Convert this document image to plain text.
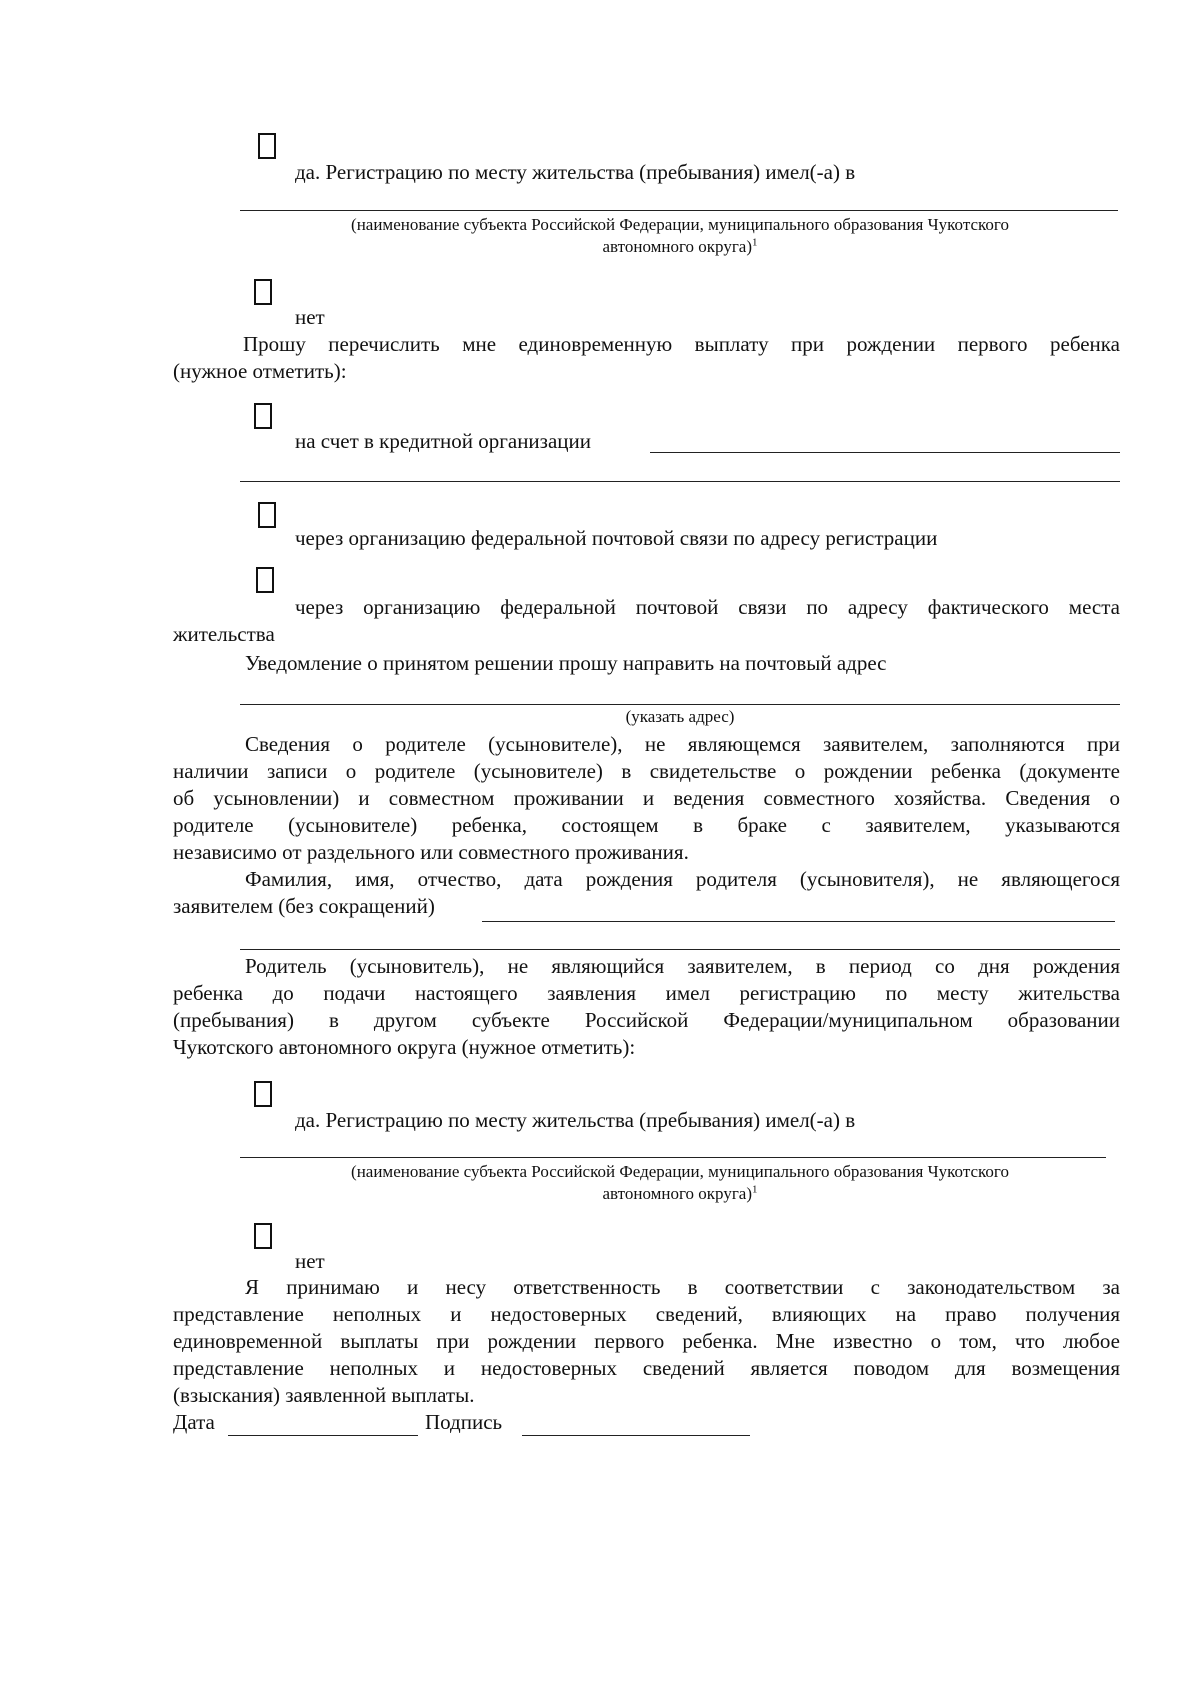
да. Регистрацию по месту жительства (пребывания) имел(-а) в
(наименование субъекта Российской Федерации, муниципального образования Чукотского
автономного округа)$^1$
нет
Прошу перечислить мне единовременную выплату при рождении первого ребенка
(нужное отметить):
на счет в кредитной организации
через организацию федеральной почтовой связи по адресу регистрации
через организацию федеральной почтовой связи по адресу фактического места
жительства
Уведомление о принятом решении прошу направить на почтовый адрес
(указать адрес)
Сведения о родителе (усыновителе), не являющемся заявителем, заполняются при
наличии записи о родителе (усыновителе) в свидетельстве о рождении ребенка (документе
об усыновлении) и совместном проживании и ведения совместного хозяйства. Сведения о
родителе (усыновителе) ребенка, состоящем в браке с заявителем, указываются
независимо от раздельного или совместного проживания.
Фамилия, имя, отчество, дата рождения родителя (усыновителя), не являющегося
заявителем (без сокращений)
Родитель (усыновитель), не являющийся заявителем, в период со дня рождения
ребенка до подачи настоящего заявления имел регистрацию по месту жительства
(пребывания) в другом субъекте Российской Федерации/муниципальном образовании
Чукотского автономного округа (нужное отметить):
да. Регистрацию по месту жительства (пребывания) имел(-а) в
(наименование субъекта Российской Федерации, муниципального образования Чукотского
автономного округа)$^1$
нет
Я принимаю и несу ответственность в соответствии с законодательством за
представление неполных и недостоверных сведений, влияющих на право получения
единовременной выплаты при рождении первого ребенка. Мне известно о том, что любое
представление неполных и недостоверных сведений является поводом для возмещения
(взыскания) заявленной выплаты.
Дата	Подпись
